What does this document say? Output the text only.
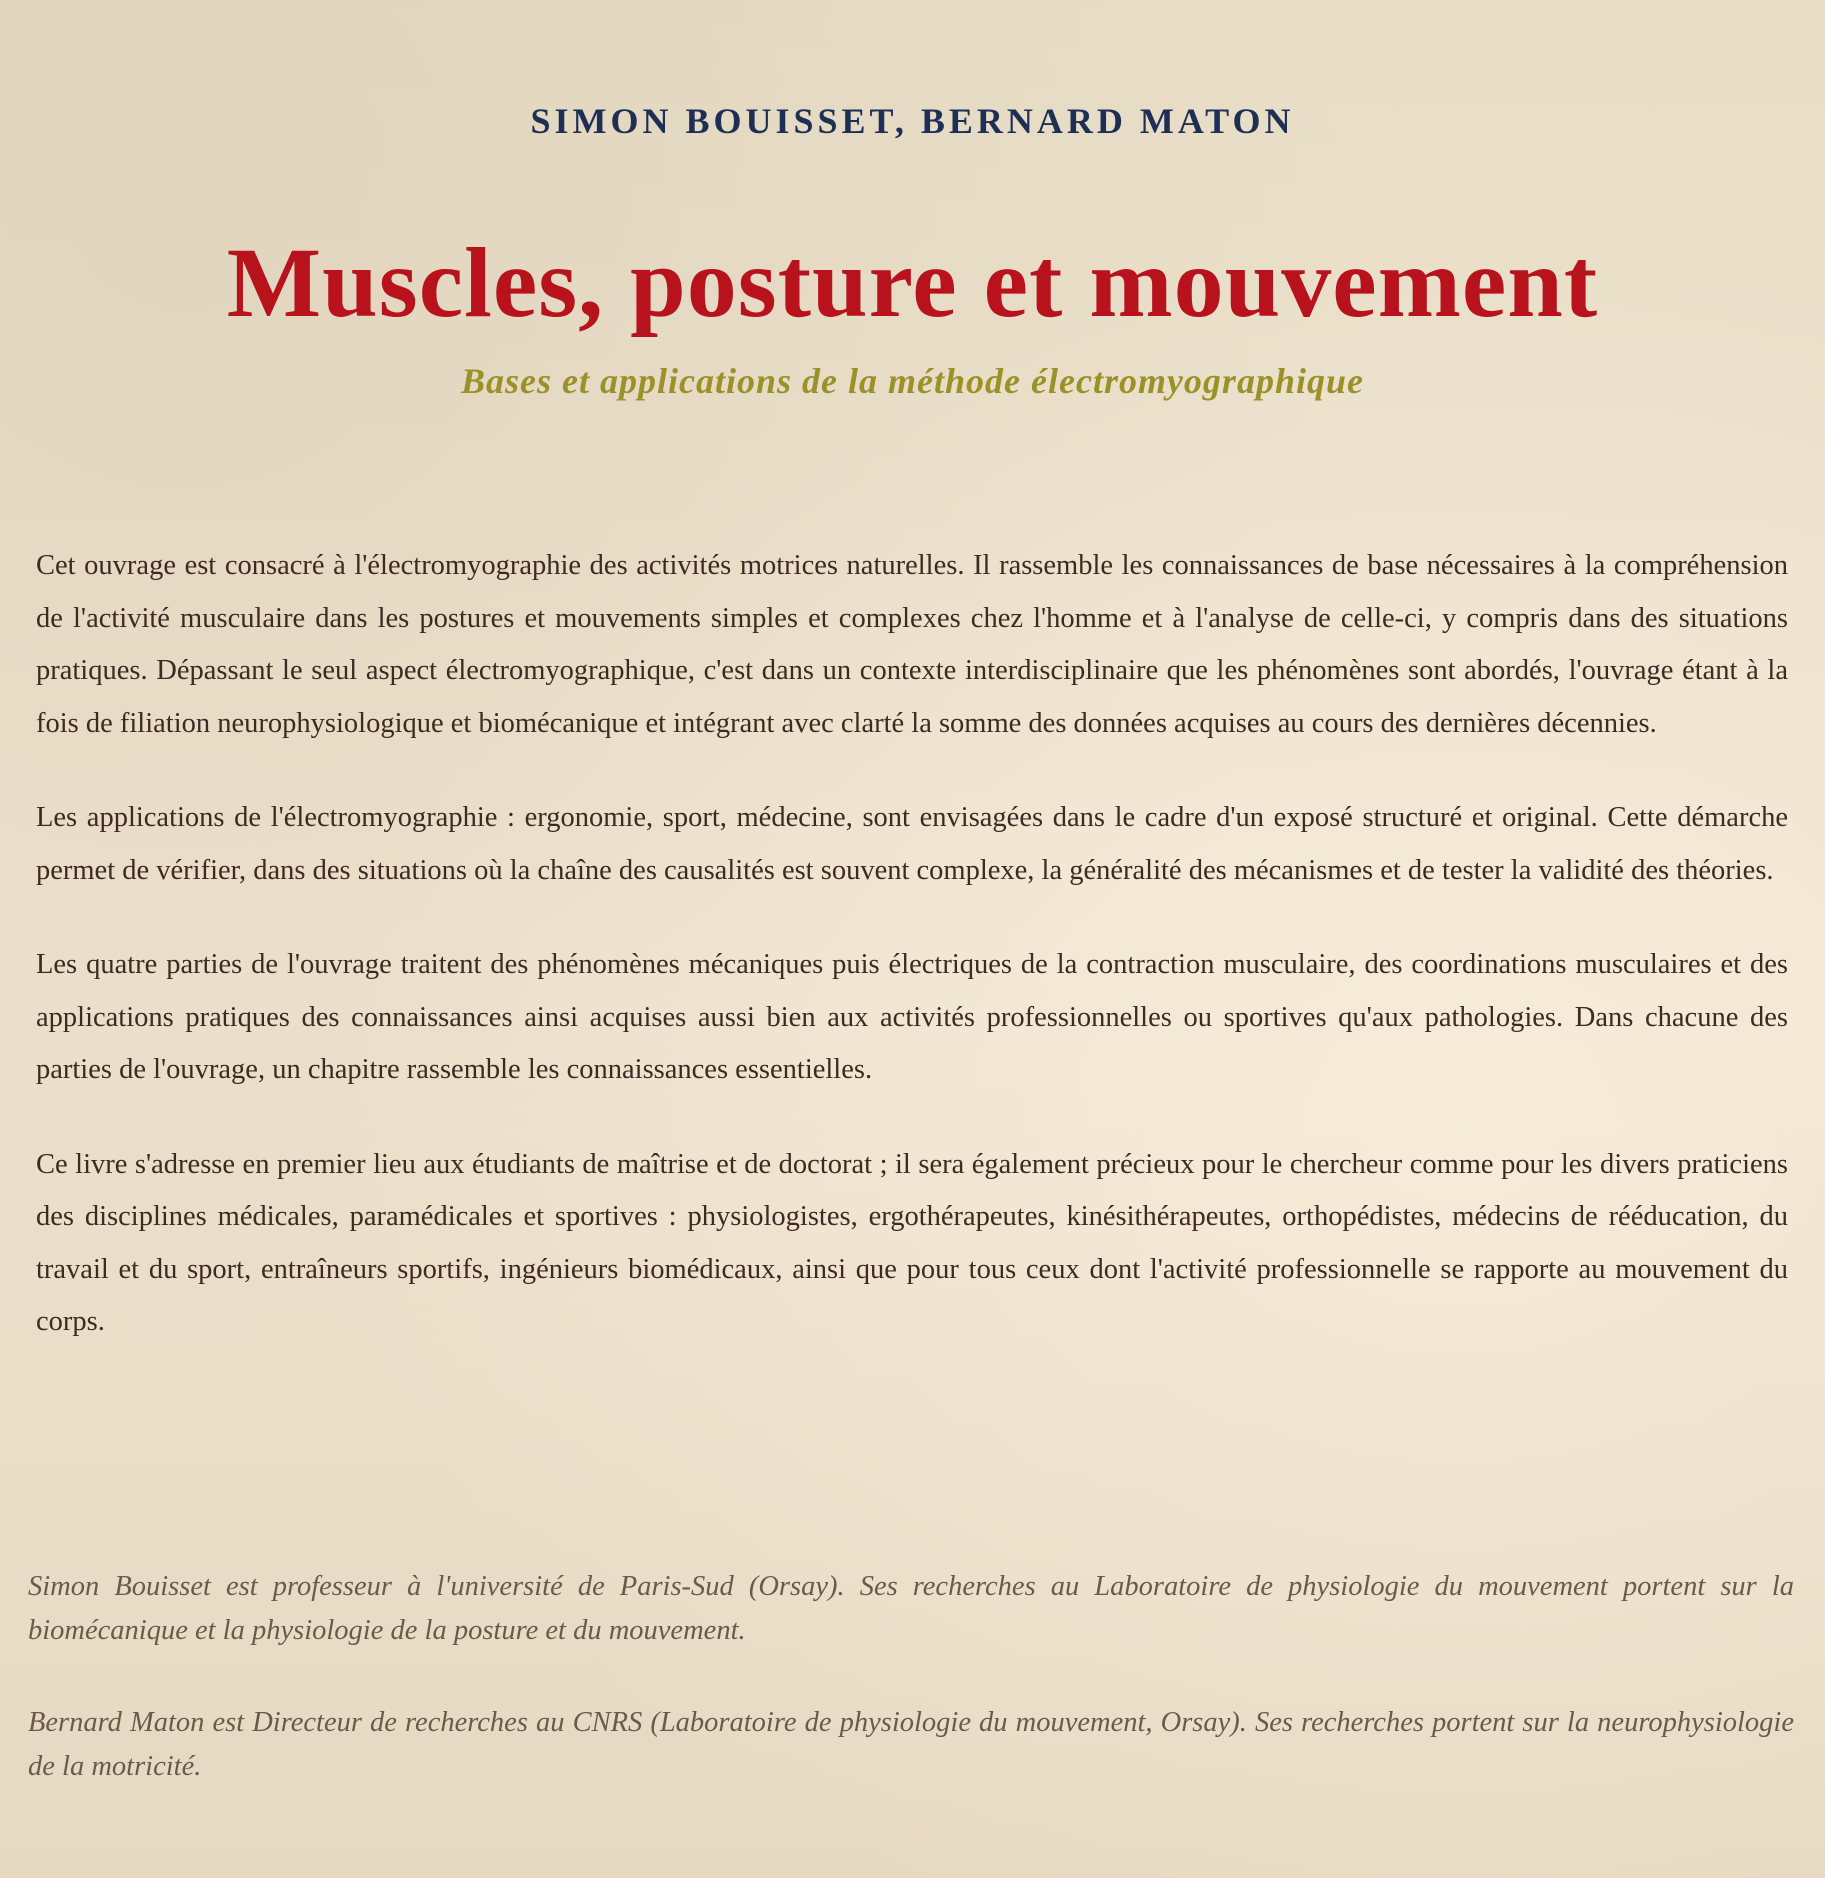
SIMON BOUISSET, BERNARD MATON
Muscles, posture et mouvement
Bases et applications de la méthode électromyographique

Cet ouvrage est consacré à l'électromyographie des activités motrices naturelles. Il rassemble les connaissances de base nécessaires à la compréhension de l'activité musculaire dans les postures et mouvements simples et complexes chez l'homme et à l'analyse de celle-ci, y compris dans des situations pratiques. Dépassant le seul aspect électromyographique, c'est dans un contexte interdisciplinaire que les phénomènes sont abordés, l'ouvrage étant à la fois de filiation neurophysiologique et biomécanique et intégrant avec clarté la somme des données acquises au cours des dernières décennies.

Les applications de l'électromyographie : ergonomie, sport, médecine, sont envisagées dans le cadre d'un exposé structuré et original. Cette démarche permet de vérifier, dans des situations où la chaîne des causalités est souvent complexe, la généralité des mécanismes et de tester la validité des théories.

Les quatre parties de l'ouvrage traitent des phénomènes mécaniques puis électriques de la contraction musculaire, des coordinations musculaires et des applications pratiques des connaissances ainsi acquises aussi bien aux activités professionnelles ou sportives qu'aux pathologies. Dans chacune des parties de l'ouvrage, un chapitre rassemble les connaissances essentielles.

Ce livre s'adresse en premier lieu aux étudiants de maîtrise et de doctorat ; il sera également précieux pour le chercheur comme pour les divers praticiens des disciplines médicales, paramédicales et sportives : physiologistes, ergothérapeutes, kinésithérapeutes, orthopédistes, médecins de rééducation, du travail et du sport, entraîneurs sportifs, ingénieurs biomédicaux, ainsi que pour tous ceux dont l'activité professionnelle se rapporte au mouvement du corps.

Simon Bouisset est professeur à l'université de Paris-Sud (Orsay). Ses recherches au Laboratoire de physiologie du mouvement portent sur la biomécanique et la physiologie de la posture et du mouvement.

Bernard Maton est Directeur de recherches au CNRS (Laboratoire de physiologie du mouvement, Orsay). Ses recherches portent sur la neurophysiologie de la motricité.
